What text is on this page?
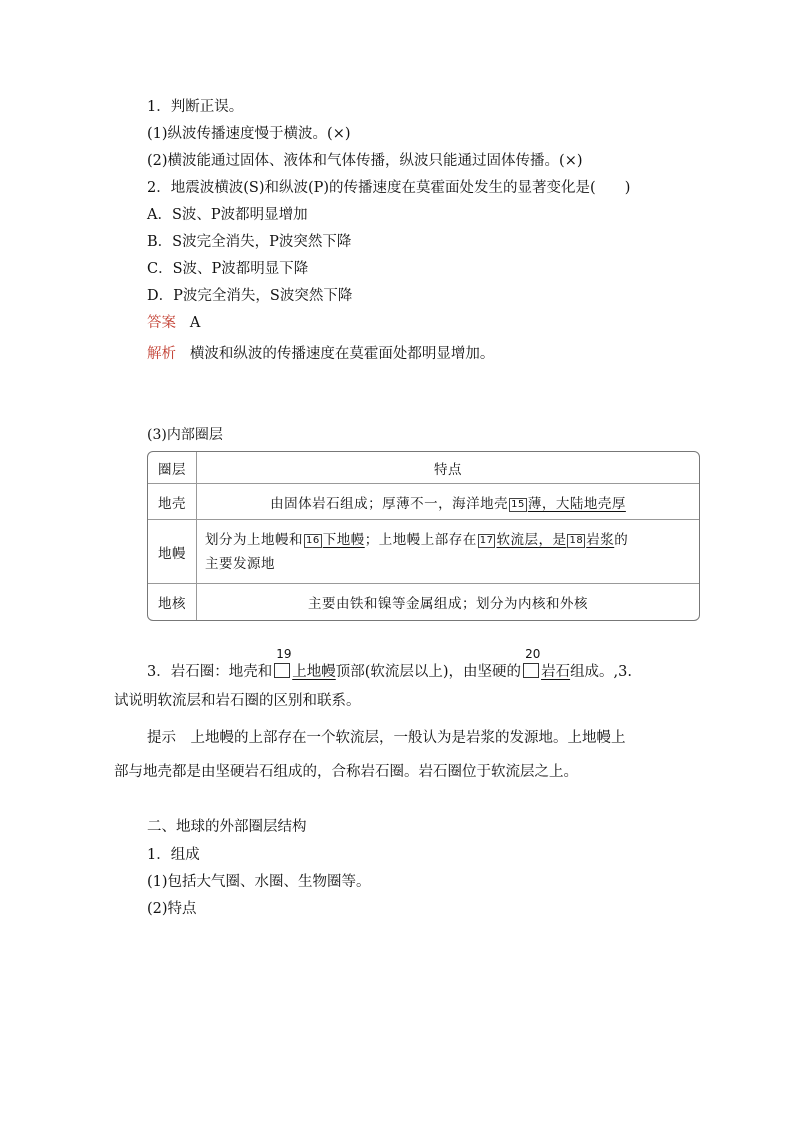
1．判断正误。
(1)纵波传播速度慢于横波。(×)
(2)横波能通过固体、液体和气体传播，纵波只能通过固体传播。(×)
2．地震波横波(S)和纵波(P)的传播速度在莫霍面处发生的显著变化是(　　)
A．S波、P波都明显增加
B．S波完全消失，P波突然下降
C．S波、P波都明显下降
D．P波完全消失，S波突然下降
答案 A
解析 横波和纵波的传播速度在莫霍面处都明显增加。
(3)内部圈层
圈层	特点
地壳	由固体岩石组成；厚薄不一，海洋地壳 15 薄，大陆地壳厚
地幔	划分为上地幔和 16 下地幔；上地幔上部存在 17 软流层，是 18 岩浆的
主要发源地
地核	主要由铁和镍等金属组成；划分为内核和外核
3．岩石圈：地壳和
19
上地幔顶部(软流层以上)，由坚硬的
20
岩石组成。,3.
试说明软流层和岩石圈的区别和联系。
提示　上地幔的上部存在一个软流层，一般认为是岩浆的发源地。上地幔上
部与地壳都是由坚硬岩石组成的，合称岩石圈。岩石圈位于软流层之上。
二、地球的外部圈层结构
1．组成
(1)包括大气圈、水圈、生物圈等。
(2)特点
